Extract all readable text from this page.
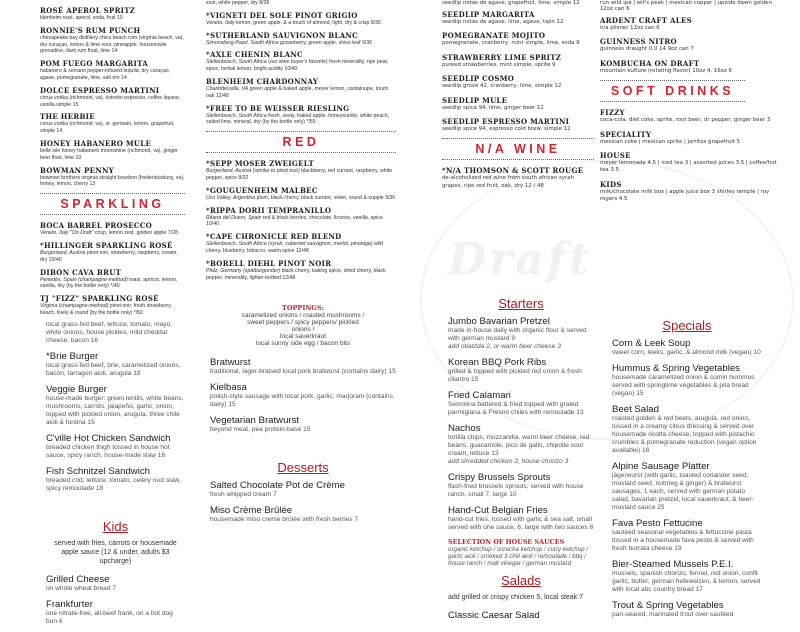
Draft
ROSÉ APEROL SPRITZ
blenheim rosé, aperol, soda, fruit 10
RONNIE'S RUM PUNCH
chesapeake bay distillery chics beach rum (virginia beach, va), dry curaçao, lemon & lime sour, pineapple, housemade grenadine, dark rum float, lime 14
POM FUEGO MARGARITA
habanero & serrano pepper-infused tequila, dry curaçao, agave, pomegranate, lime, salt rim 14
DOLCE ESPRESSO MARTINI
cirrus vodka (richmond, va), ristretto espresso, coffee liqueur, vanilla simple 15
THE HERBIE
cirrus vodka (richmond, va), st. germain, lemon, grapefruit, simple 14
HONEY HABANERO MULE
belle isle honey habanero moonshine (richmond, va), ginger beer float, lime 10
BOWMAN PENNY
bowman brothers virginia straight bourbon (fredericksburg, va), honey, lemon, cherry 13
SPARKLING
BOCA BARREL PROSECCO
Veneto, Italy "On Draft" crisp, lemon zest, golden apple 7/28
*HILLINGER SPARKLING ROSÉ
Burgenland, Austria pinot noir, strawberry, raspberry, cream, dry 10/40
DIBON CAVA BRUT
Penedès, Spain (champagne-method) toast, apricot, lemon, vanilla, dry (by the bottle only) */40
TJ "FIZZ" SPARKLING ROSÉ
Virginia (champagne-method) pinot noir, fresh strawberry, beach, lively & round (by the bottle only) */50
local grass-fed beef, lettuce, tomato, mayo, white onions, house pickles, mild cheddar cheese, bacon 16
*Brie Burger
local grass-fed beef, brie, caramelized onions, bacon, tarragon aioli, arugula 18
Veggie Burger
house-made burger: green lentils, white beans, mushrooms, carrots, jalapeño, garlic, onion; topped with pickled onion, arugula, three chile aioli & fontina 15
C'ville Hot Chicken Sandwich
breaded chicken thigh tossed in house hot sauce, spicy ranch, house-made slaw 16
Fish Schnitzel Sandwich
breaded cod, lettuce, tomato, celery root slaw, spicy remoulade 18
Kids
served with fries, carrots or housemade apple sauce (12 & under, adults $3 upcharge)
Grilled Cheese
on whole wheat bread 7
Frankfurter
one nitrate-free, all-beef frank, on a hot dog bun 6
zest, white pepper, dry 8/36
*VIGNETI DEL SOLE PINOT GRIGIO
Veneto, Italy lemon, green apple, & a touch of almond, light, dry & crisp 9/36
*SUTHERLAND SAUVIGNON BLANC
Simonsberg-Paarl, South Africa gooseberry, green apple, shiso leaf 9/36
*AXLE CHENIN BLANC
Stellenbosch, South Africa (our wine buyer's favorite) fresh minerality, ripe pear, spice, herbal lemon, bright acidity 10/40
BLENHEIM CHARDONNAY
Charlottesville, VA green apple & baked apple, meyer lemon, cantaloupe, touch oak 12/48
*FREE TO BE WEISSER RIESLING
Stellenbosch, South Africa fresh, zesty, baked apple, honeysuckle, white peach, salted lime, mineral, dry (by the bottle only) */55
RED
*SEPP MOSER ZWEIGELT
Burgenland, Austria (similar to pinot noir) blackberry, red currant, raspberry, white pepper, spice 8/32
*GOUGUENHEIM MALBEC
Uco Valley, Argentina plum, black cherry, black currant, violet, round & supple 9/36
*RIPPA DORII TEMPRANILLO
Ribera del Duero, Spain red & black berries, chocolate, licorice, vanilla, spice 10/40
*CAPE CHRONICLE RED BLEND
Stellenbosch, South Africa (syrah, cabernet sauvignon, merlot, pinotage) wild cherry, blueberry, tobacco, warm spice 12/48
*BORELL DIEHL PINOT NOIR
Pfalz, Germany (spätburgunder) black cherry, baking spice, dried cherry, black pepper, minerality, lighter-bodied 12/48
TOPPINGS:
caramelized onions / roasted mushrooms /
sweet peppers / spicy peppers/ pickled
onions /
local sauerkraut
local sunny side egg / bacon bits
Bratwurst
traditional, lager-braised local pork bratwurst (contains dairy) 15
Kielbasa
polish-style sausage with local pork, garlic, marjoram (contains dairy) 15
Vegetarian Bratwurst
beyond meat, pea protein-base 15
Desserts
Salted Chocolate Pot de Crème
fresh whipped cream 7
Miso Crème Brûlée
housemade miso creme brûlée with fresh berries 7
seedlip notas de agave, grapefruit, lime, simple 12
SEEDLIP MARGARITA
seedlip notas de agave, lime, agave, tajin 12
POMEGRANATE MOJITO
pomegranate, cranberry, mint simple, lime, soda 9
STRAWBERRY LIME SPRITZ
pureed strawberries, mint simple, sprite 9
SEEDLIP COSMO
seedlip grove 42, cranberry, lime, simple 12
SEEDLIP MULE
seedlip spice 94, lime, ginger beer 12
SEEDLIP ESPRESSO MARTINI
seedlip spice 94, espresso cold brew, simple 12
N/A WINE
*N/A THOMSON & SCOTT ROUGE
de-alcoholized red wine from south african syrah grapes, ripe red fruit, oak, dry 12 / 48
Starters
Jumbo Bavarian Pretzel
made in-house daily with organic flour & served with german mustard 9
add obatzda 2, or warm beer cheese 3
Korean BBQ Pork Ribs
grilled & topped with pickled red onion & fresh cilantro 15
Fried Calamari
Semolina battered & fried topped with grated parmigiana & Fresno chiles with remoulade 13
Nachos
tortilla chips, mozzarella, warm beer cheese, red beans, guacamole, pico de gallo, chipotle sour cream, lettuce 13
add shredded chicken 2, house chorizo 3
Crispy Brussels Sprouts
flash-fried brussels sprouts, served with house ranch, small 7, large 10
Hand-Cut Belgian Fries
hand-cut fries, tossed with garlic & sea salt, small served with one sauce, 6, large with two sauces 8
SELECTION OF HOUSE SAUCES
organic ketchup / sriracha ketchup / curry ketchup / garlic aioli / smoked 3 chili aioli / remoulade / bbq / house ranch / malt vinegar / german mustard
Salads
add grilled or crispy chicken 5, local steak 7
Classic Caesar Salad
run wild ipa | wit's peak | mexican copper | upside dawn golden 12oz can 6
ARDENT CRAFT ALES
n/a pilsner 12oz can 6
GUINNESS NITRO
guinness draught 0.0 14.9oz can 7
KOMBUCHA ON DRAFT
mountain kulture (rotating flavor) 10oz 4, 16oz 6
SOFT DRINKS
FIZZY
coca-cola, diet coke, sprite, root beer, dr pepper, ginger beer 3
SPECIALITY
mexican coke | mexican sprite | jarritos grapefruit 5
HOUSE
meyer lemonade 4.5 | iced tea 3 | assorted juices 3.5 | coffee/hot tea 3.5
KIDS
milk/chocolate milk box | apple juice box 3 shirley temple | roy rogers 4.5
Specials
Corn & Leek Soup
sweet corn, leeks, garlic, & almond milk (vegan) 10
Hummus & Spring Vegetables
housemade caramelized onion & cumin hummus served with springtime vegetables & pita bread (vegan) 15
Beet Salad
roasted golden & red beets, arugula, red onion, tossed in a creamy citrus dressing & served over housemade ricotta cheese, topped with pistachio crumbles & pomegranate reduction (vegan option available) 16
Alpine Sausage Platter
jägerwurst (with garlic, toasted coriander seed, mustard seed, nutmeg & ginger) & bratwurst sausages, 1 each, served with german potato salad, bavarian pretzel, local sauerkraut, & beer-mustard sauce 25
Fava Pesto Fettucine
sautéed seasonal vegetables & fettuccine pasta tossed in a housemade fava pesto & served with fresh burrata cheese 19
Bier-Steamed Mussels P.E.I.
mussels, spanish chorizo, fennel, red onion, confit garlic, butter, german hefeweizen, & lemon, served with local abc country bread 17
Trout & Spring Vegetables
pan-seared, marinated trout over sautéed
